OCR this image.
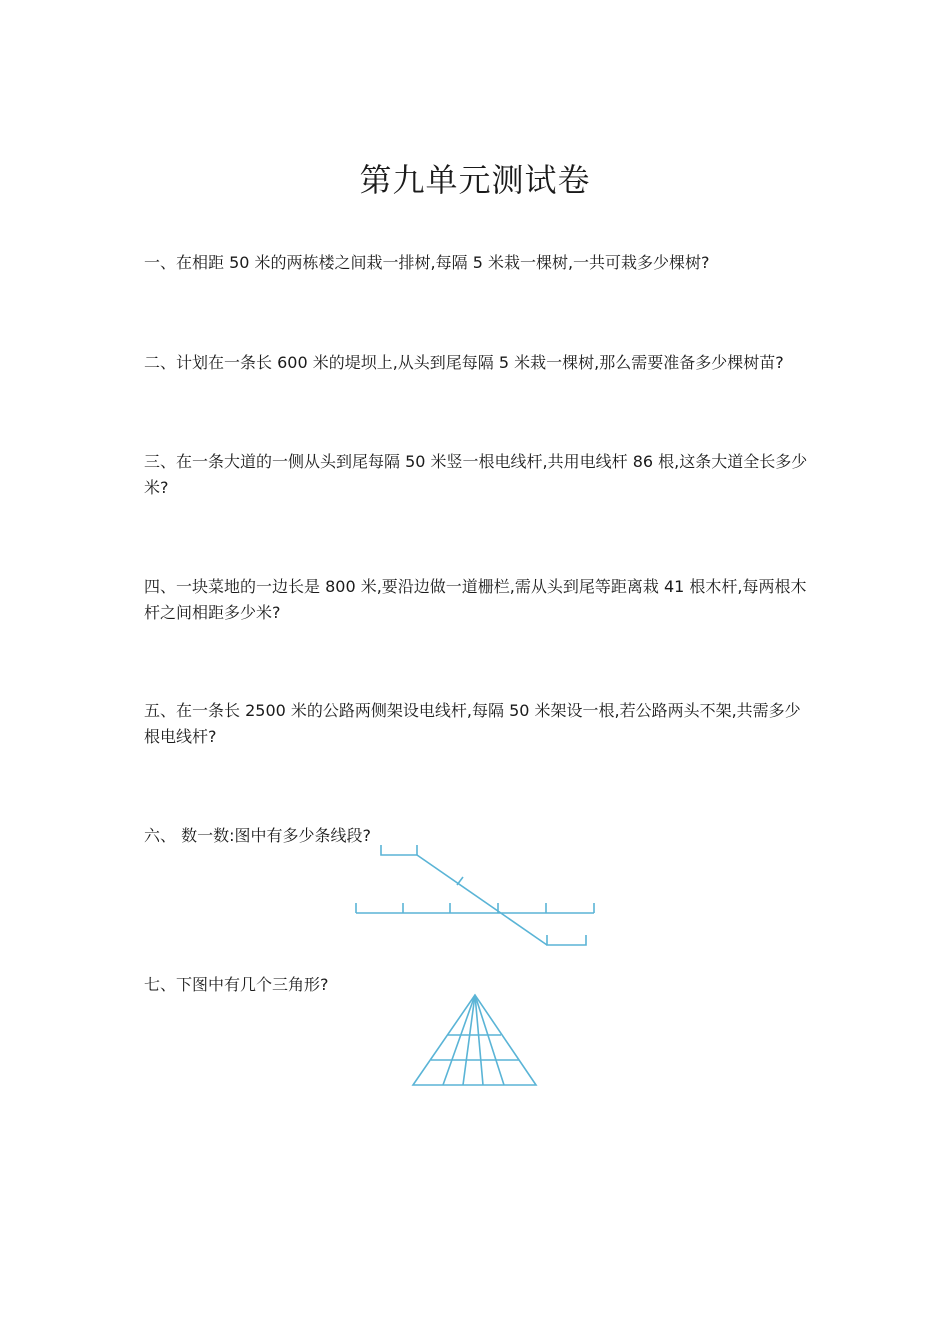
第九单元测试卷

一、在相距 50 米的两栋楼之间栽一排树,每隔 5 米栽一棵树,一共可栽多少棵树?

二、计划在一条长 600 米的堤坝上,从头到尾每隔 5 米栽一棵树,那么需要准备多少棵树苗?

三、在一条大道的一侧从头到尾每隔 50 米竖一根电线杆,共用电线杆 86 根,这条大道全长多少米?

四、一块菜地的一边长是 800 米,要沿边做一道栅栏,需从头到尾等距离栽 41 根木杆,每两根木杆之间相距多少米?

五、在一条长 2500 米的公路两侧架设电线杆,每隔 50 米架设一根,若公路两头不架,共需多少根电线杆?

六、 数一数:图中有多少条线段?

七、下图中有几个三角形?
